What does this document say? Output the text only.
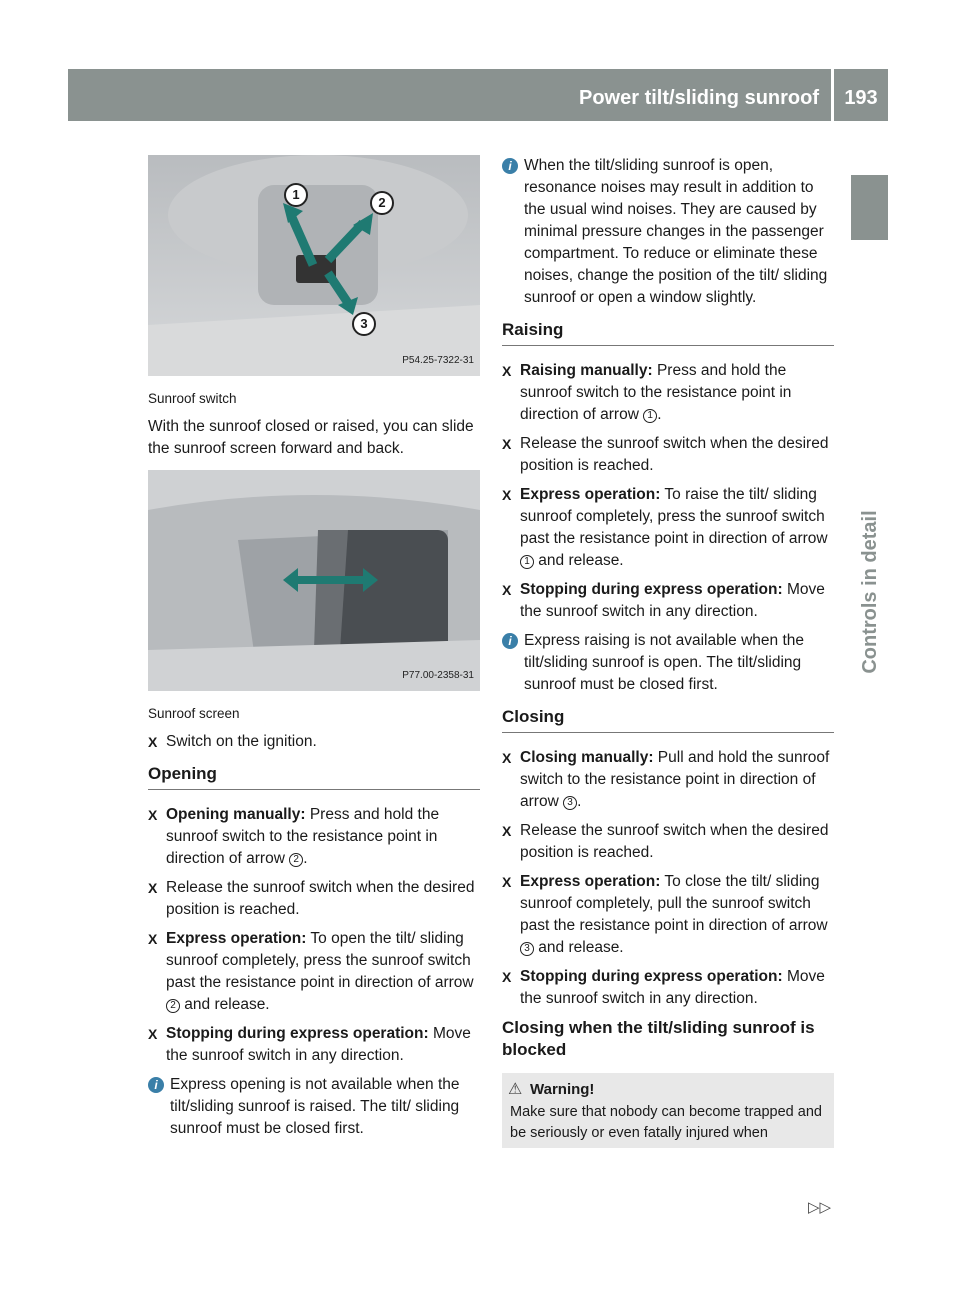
Power tilt/sliding sunroof	193
Controls in detail
1
2
3
P54.25-7322-31
Sunroof switch

With the sunroof closed or raised, you can slide the sunroof screen forward and back.

P77.00-2358-31
Sunroof screen
X Switch on the ignition.
Opening
X Opening manually: Press and hold the sunroof switch to the resistance point in direction of arrow 2 .
X Release the sunroof switch when the desired position is reached.
X Express operation: To open the tilt/ sliding sunroof completely, press the sunroof switch past the resistance point in direction of arrow 2 and release.
X Stopping during express operation: Move the sunroof switch in any direction.
i Express opening is not available when the tilt/sliding sunroof is raised. The tilt/ sliding sunroof must be closed first.
i When the tilt/sliding sunroof is open, resonance noises may result in addition to the usual wind noises. They are caused by minimal pressure changes in the passenger compartment. To reduce or eliminate these noises, change the position of the tilt/ sliding sunroof or open a window slightly.
Raising
X Raising manually: Press and hold the sunroof switch to the resistance point in direction of arrow 1 .
X Release the sunroof switch when the desired position is reached.
X Express operation: To raise the tilt/ sliding sunroof completely, press the sunroof switch past the resistance point in direction of arrow 1 and release.
X Stopping during express operation: Move the sunroof switch in any direction.
i Express raising is not available when the tilt/sliding sunroof is open. The tilt/sliding sunroof must be closed first.
Closing
X Closing manually: Pull and hold the sunroof switch to the resistance point in direction of arrow 3 .
X Release the sunroof switch when the desired position is reached.
X Express operation: To close the tilt/ sliding sunroof completely, pull the sunroof switch past the resistance point in direction of arrow 3 and release.
X Stopping during express operation: Move the sunroof switch in any direction.
Closing when the tilt/sliding sunroof is blocked
⚠ Warning!
Make sure that nobody can become trapped and be seriously or even fatally injured when
▷▷
